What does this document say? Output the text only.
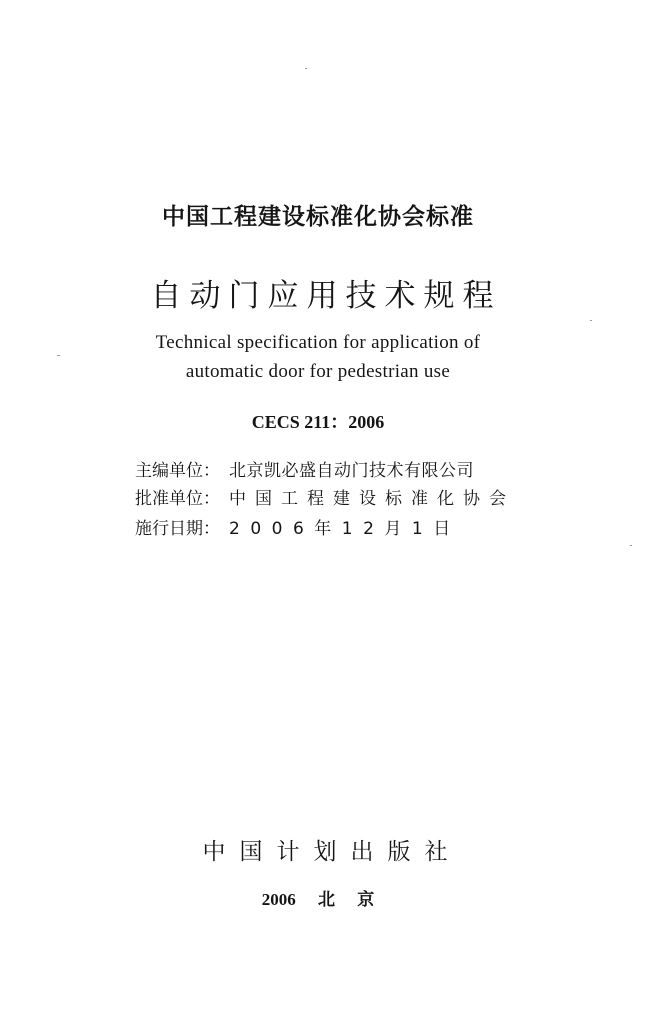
中国工程建设标准化协会标准
自动门应用技术规程
Technical specification for application of
automatic door for pedestrian use
CECS 211：2006
主编单位： 北京凯必盛自动门技术有限公司
批准单位： 中国工程建设标准化协会
施行日期： 2006年12月1日
中国计划出版社
2006 北 京
